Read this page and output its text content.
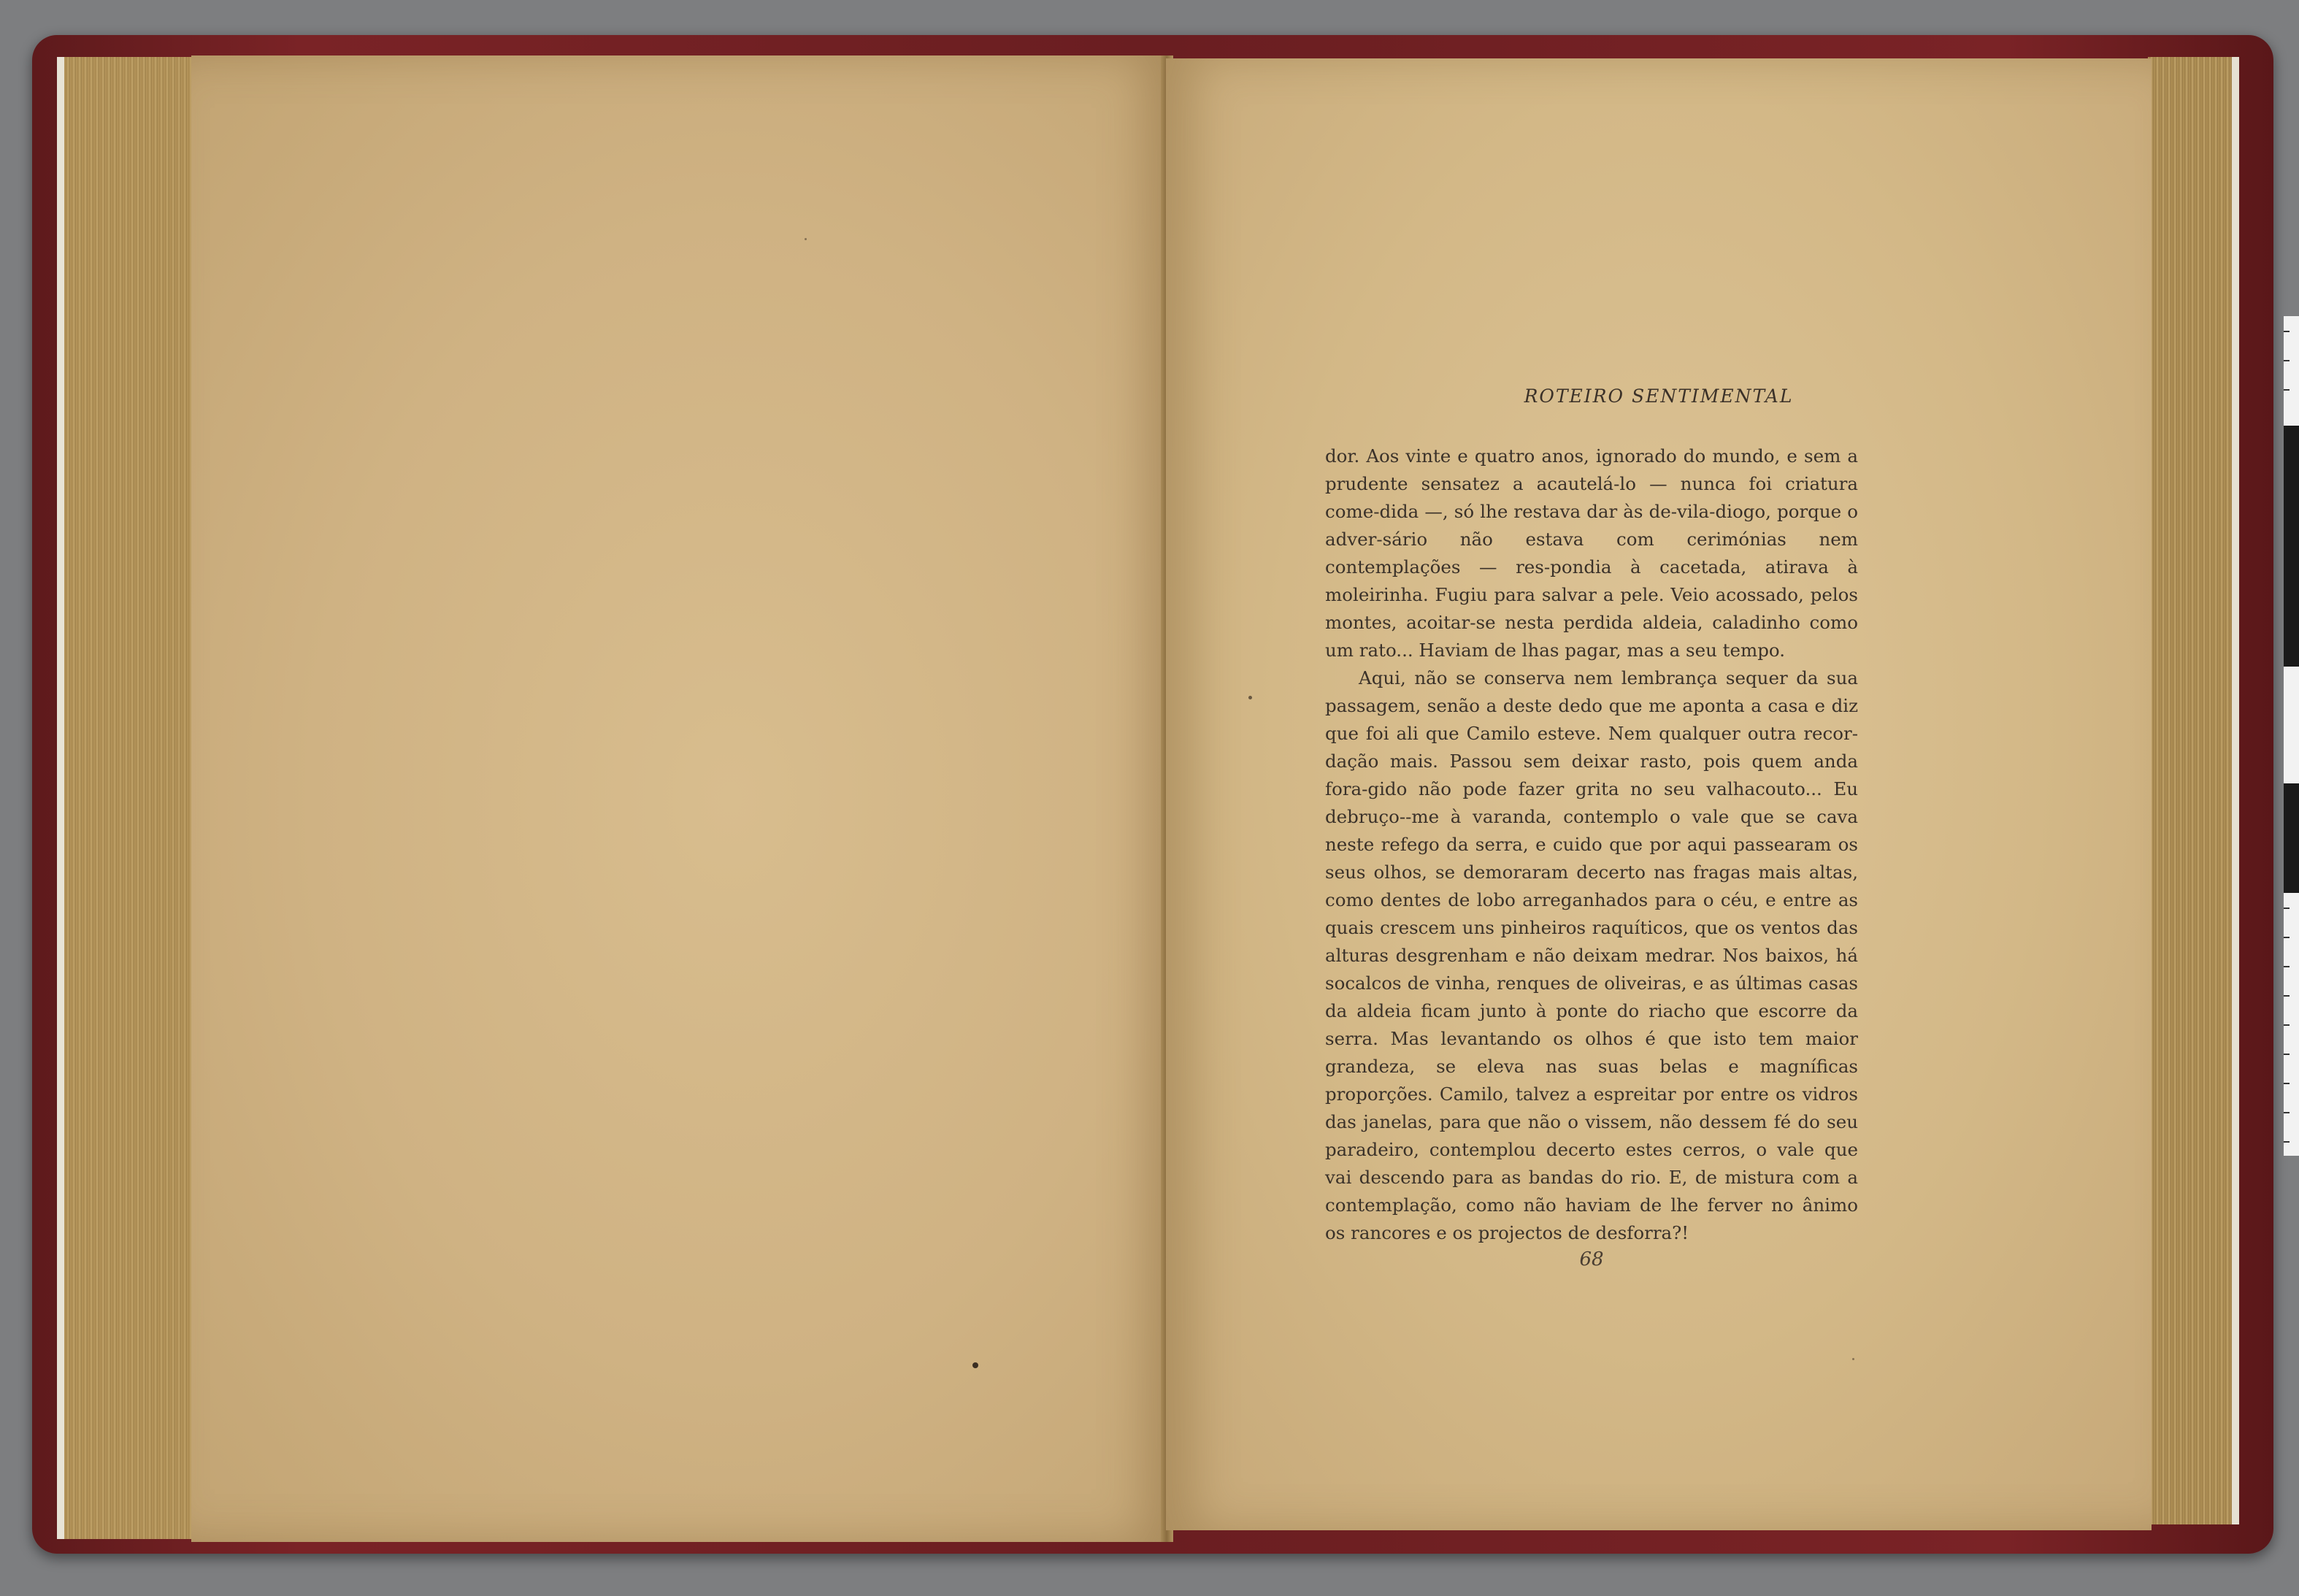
ROTEIRO SENTIMENTAL

dor. Aos vinte e quatro anos, ignorado do mundo, e sem a prudente sensatez a acautelá-lo — nunca foi criatura come-dida —, só lhe restava dar às de-vila-diogo, porque o adver-sário não estava com cerimónias nem contemplações — res-pondia à cacetada, atirava à moleirinha. Fugiu para salvar a pele. Veio acossado, pelos montes, acoitar-se nesta perdida aldeia, caladinho como um rato... Haviam de lhas pagar, mas a seu tempo.

Aqui, não se conserva nem lembrança sequer da sua passagem, senão a deste dedo que me aponta a casa e diz que foi ali que Camilo esteve. Nem qualquer outra recor-dação mais. Passou sem deixar rasto, pois quem anda fora-gido não pode fazer grita no seu valhacouto... Eu debruço--me à varanda, contemplo o vale que se cava neste refego da serra, e cuido que por aqui passearam os seus olhos, se demoraram decerto nas fragas mais altas, como dentes de lobo arreganhados para o céu, e entre as quais crescem uns pinheiros raquíticos, que os ventos das alturas desgrenham e não deixam medrar. Nos baixos, há socalcos de vinha, renques de oliveiras, e as últimas casas da aldeia ficam junto à ponte do riacho que escorre da serra. Mas levantando os olhos é que isto tem maior grandeza, se eleva nas suas belas e magníficas proporções. Camilo, talvez a espreitar por entre os vidros das janelas, para que não o vissem, não dessem fé do seu paradeiro, contemplou decerto estes cerros, o vale que vai descendo para as bandas do rio. E, de mistura com a contemplação, como não haviam de lhe ferver no ânimo os rancores e os projectos de desforra?!

68
